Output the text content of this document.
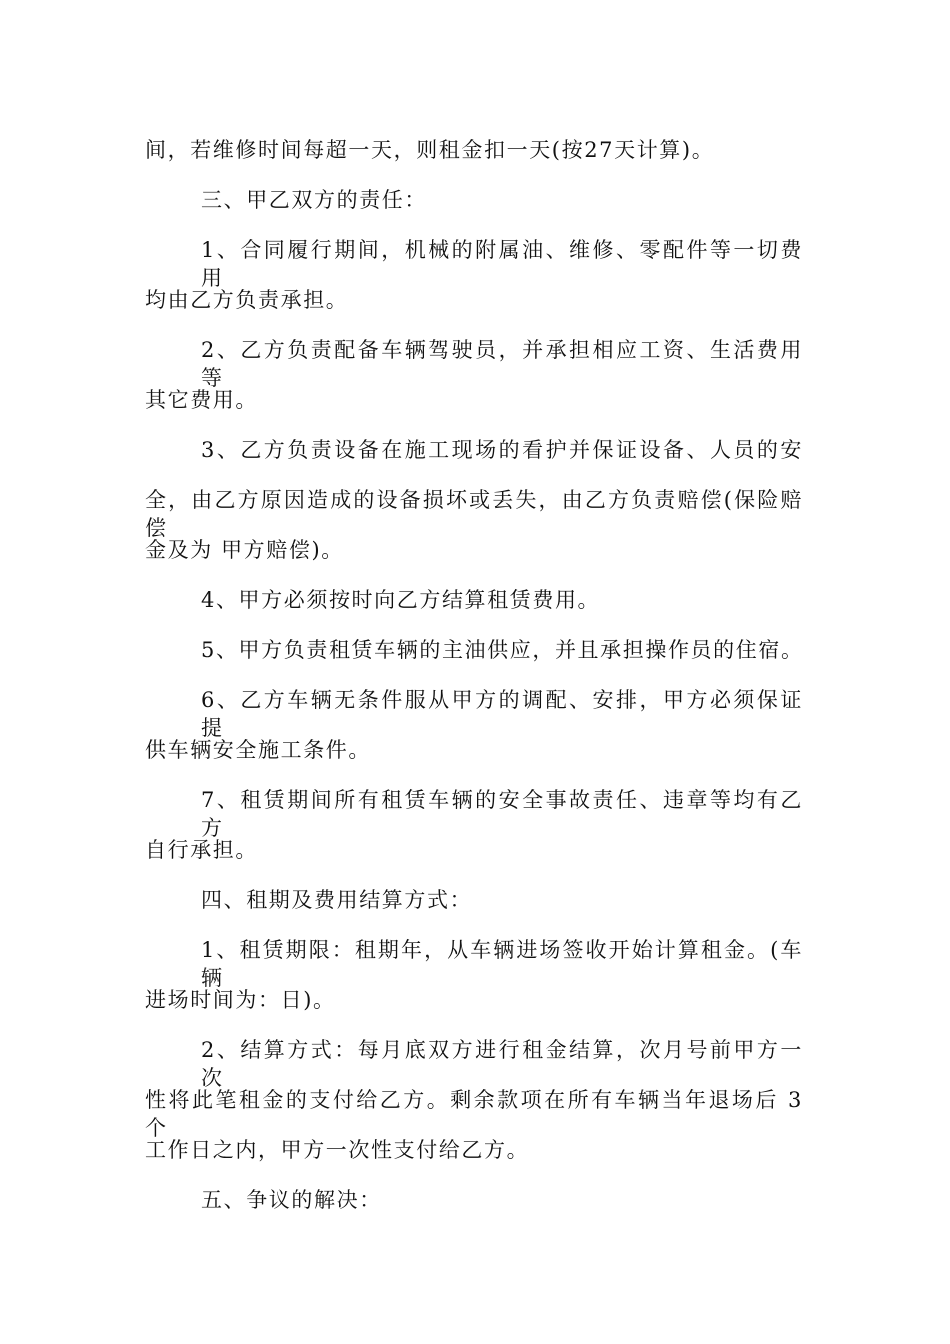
间，若维修时间每超一天，则租金扣一天(按27天计算)。
三、甲乙双方的责任：
1、合同履行期间，机械的附属油、维修、零配件等一切费用
均由乙方负责承担。
2、乙方负责配备车辆驾驶员，并承担相应工资、生活费用等
其它费用。
3、乙方负责设备在施工现场的看护并保证设备、人员的安
全，由乙方原因造成的设备损坏或丢失，由乙方负责赔偿(保险赔偿
金及为 甲方赔偿)。
4、甲方必须按时向乙方结算租赁费用。
5、甲方负责租赁车辆的主油供应，并且承担操作员的住宿。
6、乙方车辆无条件服从甲方的调配、安排，甲方必须保证提
供车辆安全施工条件。
7、租赁期间所有租赁车辆的安全事故责任、违章等均有乙方
自行承担。
四、租期及费用结算方式：
1、租赁期限：租期年，从车辆进场签收开始计算租金。(车辆
进场时间为：日)。
2、结算方式：每月底双方进行租金结算，次月号前甲方一次
性将此笔租金的支付给乙方。剩余款项在所有车辆当年退场后 3 个
工作日之内，甲方一次性支付给乙方。
五、争议的解决：
